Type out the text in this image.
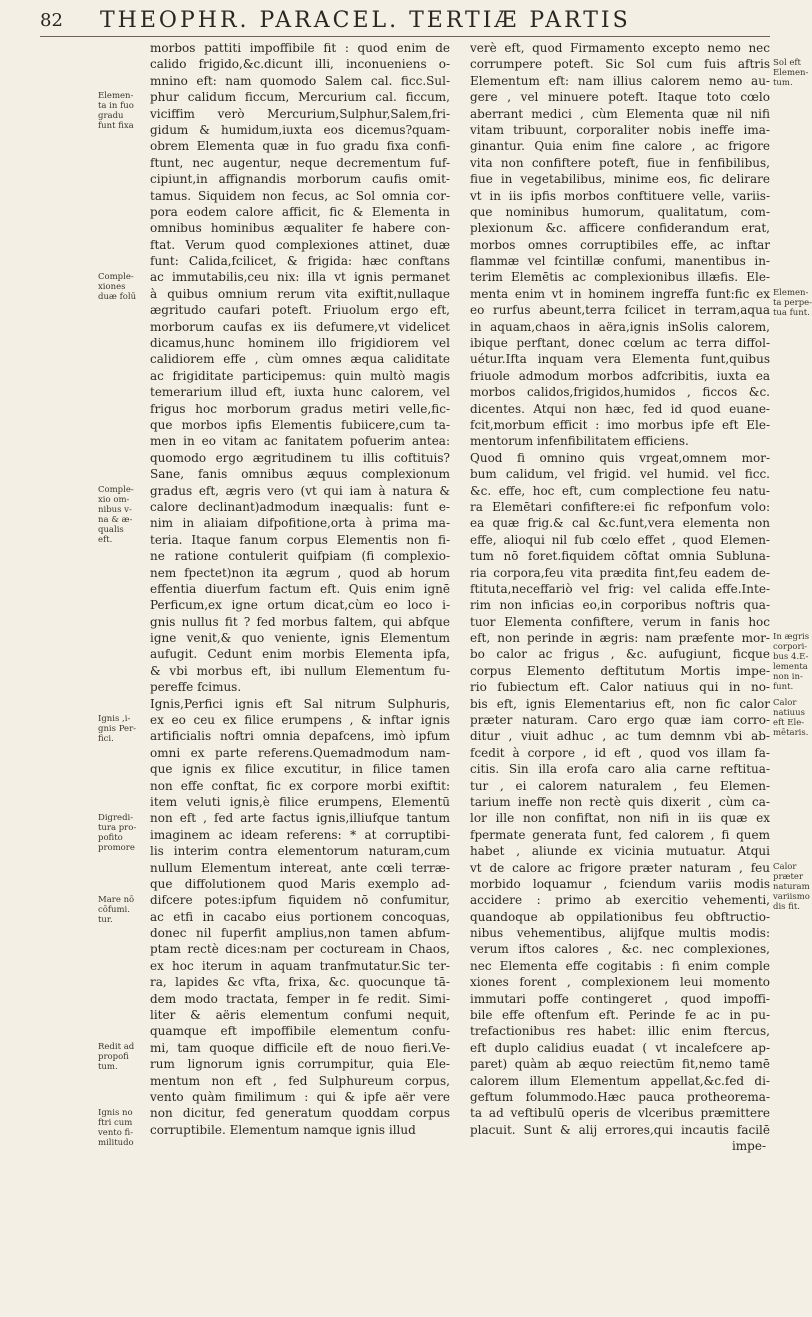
82 THEOPHR. PARACEL. TERTIÆ PARTIS
morbos pattiti impoffibile fit : quod enim de
calido frigido,&c.dicunt illi, inconueniens o-
mnino eft: nam quomodo Salem cal. ficc.Sul-
phur calidum ficcum, Mercurium cal. ficcum,
viciffim verò Mercurium,Sulphur,Salem,fri-
gidum & humidum,iuxta eos dicemus?quam-
obrem Elementa quæ in fuo gradu fixa confi-
ftunt, nec augentur, neque decrementum fuf-
cipiunt,in affignandis morborum caufis omit-
tamus. Siquidem non fecus, ac Sol omnia cor-
pora eodem calore afficit, fic & Elementa in
omnibus hominibus æqualiter fe habere con-
ftat. Verum quod complexiones attinet, duæ
funt: Calida,fcilicet, & frigida: hæc conftans
ac immutabilis,ceu nix: illa vt ignis permanet
à quibus omnium rerum vita exiftit,nullaque
ægritudo caufari poteft. Friuolum ergo eft,
morborum caufas ex iis defumere,vt videlicet
dicamus,hunc hominem illo frigidiorem vel
calidiorem effe , cùm omnes æqua caliditate
ac frigiditate participemus: quin multò magis
temerarium illud eft, iuxta hunc calorem, vel
frigus hoc morborum gradus metiri velle,fic-
que morbos ipfis Elementis fubiicere,cum ta-
men in eo vitam ac fanitatem pofuerim antea:
quomodo ergo ægritudinem tu illis coftituis?
Sane, fanis omnibus æquus complexionum
gradus eft, ægris vero (vt qui iam à natura &
calore declinant)admodum inæqualis: funt e-
nim in aliaiam difpofitione,orta à prima ma-
teria. Itaque fanum corpus Elementis non fi-
ne ratione contulerit quifpiam (fi complexio-
nem fpectet)non ita ægrum , quod ab horum
effentia diuerfum factum eft. Quis enim ignē
Perficum,ex igne ortum dicat,cùm eo loco i-
gnis nullus fit ? fed morbus faltem, qui abfque
igne venit,& quo veniente, ignis Elementum
aufugit. Cedunt enim morbis Elementa ipfa,
& vbi morbus eft, ibi nullum Elementum fu-
pereffe fcimus.
Ignis,Perfici ignis eft Sal nitrum Sulphuris,
ex eo ceu ex filice erumpens , & inftar ignis
artificialis noftri omnia depafcens, imò ipfum
omni ex parte referens.Quemadmodum nam-
que ignis ex filice excutitur, in filice tamen
non effe conftat, fic ex corpore morbi exiftit:
item veluti ignis,è filice erumpens, Elementū
non eft , fed arte factus ignis,illiufque tantum
imaginem ac ideam referens: * at corruptibi-
lis interim contra elementorum naturam,cum
nullum Elementum intereat, ante cœli terræ-
que diffolutionem quod Maris exemplo ad-
difcere potes:ipfum fiquidem nō confumitur,
ac etfi in cacabo eius portionem concoquas,
donec nil fuperfit amplius,non tamen abfum-
ptam rectè dices:nam per coctuream in Chaos,
ex hoc iterum in aquam tranfmutatur.Sic ter-
ra, lapides &c vfta, frixa, &c. quocunque tā-
dem modo tractata, femper in fe redit. Simi-
liter & aëris elementum confumi nequit,
quamque eft impoffibile elementum confu-
mi, tam quoque difficile eft de nouo fieri.Ve-
rum lignorum ignis corrumpitur, quia Ele-
mentum non eft , fed Sulphureum corpus,
vento quàm fimilimum : qui & ipfe aër vere
non dicitur, fed generatum quoddam corpus
corruptibile. Elementum namque ignis illud
verè eft, quod Firmamento excepto nemo nec
corrumpere poteft. Sic Sol cum fuis aftris
Elementum eft: nam illius calorem nemo au-
gere , vel minuere poteft. Itaque toto cœlo
aberrant medici , cùm Elementa quæ nil nifi
vitam tribuunt, corporaliter nobis ineffe ima-
ginantur. Quia enim fine calore , ac frigore
vita non confiftere poteft, fiue in fenfibilibus,
fiue in vegetabilibus, minime eos, fic delirare
vt in iis ipfis morbos conftituere velle, variis-
que nominibus humorum, qualitatum, com-
plexionum &c. afficere confiderandum erat,
morbos omnes corruptibiles effe, ac inftar
flammæ vel fcintillæ confumi, manentibus in-
terim Elemētis ac complexionibus illæfis. Ele-
menta enim vt in hominem ingreffa funt:fic ex
eo rurfus abeunt,terra fcilicet in terram,aqua
in aquam,chaos in aëra,ignis inSolis calorem,
ibique perftant, donec cœlum ac terra diffol-
uétur.Ifta inquam vera Elementa funt,quibus
friuole admodum morbos adfcribitis, iuxta ea
morbos calidos,frigidos,humidos , ficcos &c.
dicentes. Atqui non hæc, fed id quod euane-
fcit,morbum efficit : imo morbus ipfe eft Ele-
mentorum infenfibilitatem efficiens.
Quod fi omnino quis vrgeat,omnem mor-
bum calidum, vel frigid. vel humid. vel ficc.
&c. effe, hoc eft, cum complectione feu natu-
ra Elemētari confiftere:ei fic refponfum volo:
ea quæ frig.& cal &c.funt,vera elementa non
effe, alioqui nil fub cœlo effet , quod Elemen-
tum nō foret.fiquidem cōftat omnia Subluna-
ria corpora,feu vita prædita fint,feu eadem de-
ftituta,neceffariò vel frig: vel calida effe.Inte-
rim non inficias eo,in corporibus noftris qua-
tuor Elementa confiftere, verum in fanis hoc
eft, non perinde in ægris: nam præfente mor-
bo calor ac frigus , &c. aufugiunt, ficque
corpus Elemento deftitutum Mortis impe-
rio fubiectum eft. Calor natiuus qui in no-
bis eft, ignis Elementarius eft, non fic calor
præter naturam. Caro ergo quæ iam corro-
ditur , viuit adhuc , ac tum demnm vbi ab-
fcedit à corpore , id eft , quod vos illam fa-
citis. Sin illa erofa caro alia carne reftitua-
tur , ei calorem naturalem , feu Elemen-
tarium ineffe non rectè quis dixerit , cùm ca-
lor ille non confiftat, non nifi in iis quæ ex
fpermate generata funt, fed calorem , fi quem
habet , aliunde ex vicinia mutuatur. Atqui
vt de calore ac frigore præter naturam , feu
morbido loquamur , fciendum variis modis
accidere : primo ab exercitio vehementi,
quandoque ab oppilationibus feu obftructio-
nibus vehementibus, alijfque multis modis:
verum iftos calores , &c. nec complexiones,
nec Elementa effe cogitabis : fi enim comple
xiones forent , complexionem leui momento
immutari poffe contingeret , quod impoffi-
bile effe oftenfum eft. Perinde fe ac in pu-
trefactionibus res habet: illic enim ftercus,
eft duplo calidius euadat ( vt incalefcere ap-
paret) quàm ab æquo reiectūm fit,nemo tamē
calorem illum Elementum appellat,&c.fed di-
geftum folummodo.Hæc pauca protheorema-
ta ad veftibulū operis de vlceribus præmittere
placuit. Sunt & alij errores,qui incautis facilē
impe-
Elemen-
ta in fuo
gradu
funt fixa
Comple-
xiones
duæ folū
Comple-
xio om-
nibus v-
na & æ-
qualis
eft.
Ignis ,i-
gnis Per-
fici.
Digredi-
tura pro-
pofito
promore
Mare nō
cōfumi.
tur.
Redit ad
propofi
tum.
Ignis no
ftri cum
vento fi-
militudo
Sol eft
Elemen-
tum.
Elemen-
ta perpe-
tua funt.
In ægris
corpori-
bus 4.E-
lementa
non in-
funt.
Calor
natiuus
eft Ele-
mētaris.
Calor
præter
naturam
variismo
dis fit.
